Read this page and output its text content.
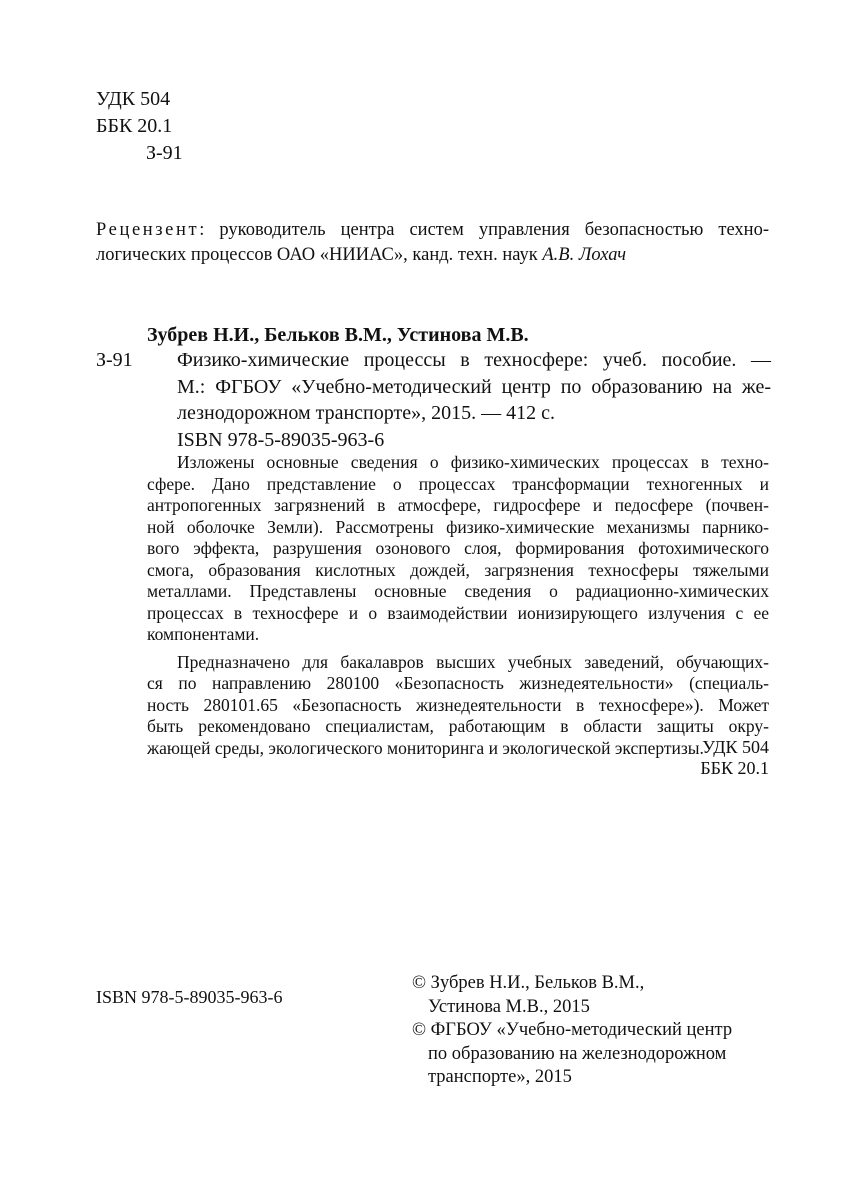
УДК 504
ББК 20.1
З-91
Рецензент: руководитель центра систем управления безопасностью техно-
логических процессов ОАО «НИИАС», канд. техн. наук А.В. Лохач
Зубрев Н.И., Бельков В.М., Устинова М.В.
З-91 Физико-химические процессы в техносфере: учеб. пособие. —
М.: ФГБОУ «Учебно-методический центр по образованию на же-
лезнодорожном транспорте», 2015. — 412 с.
ISBN 978-5-89035-963-6
Изложены основные сведения о физико-химических процессах в техно-
сфере. Дано представление о процессах трансформации техногенных и
антропогенных загрязнений в атмосфере, гидросфере и педосфере (почвен-
ной оболочке Земли). Рассмотрены физико-химические механизмы парнико-
вого эффекта, разрушения озонового слоя, формирования фотохимического
смога, образования кислотных дождей, загрязнения техносферы тяжелыми
металлами. Представлены основные сведения о радиационно-химических
процессах в техносфере и о взаимодействии ионизирующего излучения с ее
компонентами.
Предназначено для бакалавров высших учебных заведений, обучающих-
ся по направлению 280100 «Безопасность жизнедеятельности» (специаль-
ность 280101.65 «Безопасность жизнедеятельности в техносфере»). Может
быть рекомендовано специалистам, работающим в области защиты окру-
жающей среды, экологического мониторинга и экологической экспертизы.
УДК 504
ББК 20.1
ISBN 978-5-89035-963-6
© Зубрев Н.И., Бельков В.М.,
Устинова М.В., 2015
© ФГБОУ «Учебно-методический центр
по образованию на железнодорожном
транспорте», 2015
